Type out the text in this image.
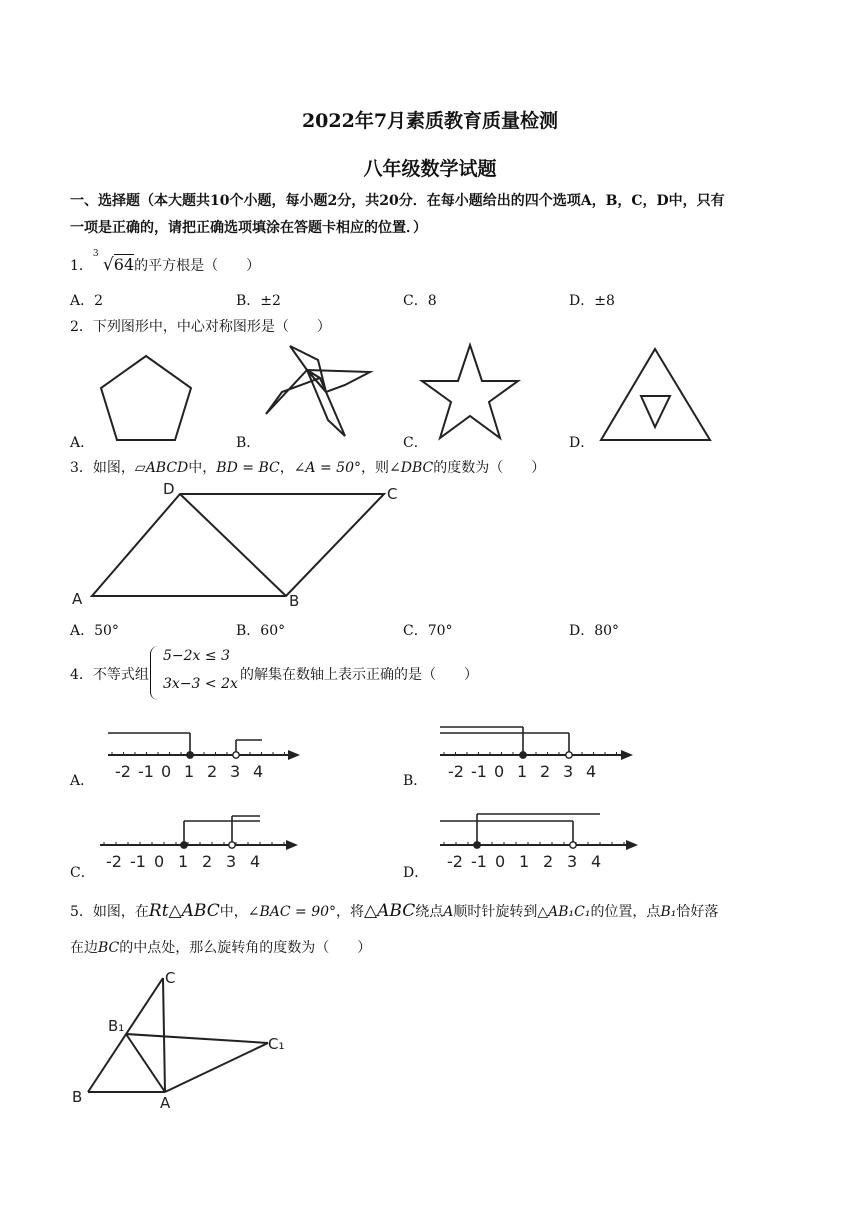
2022年7月素质教育质量检测
八年级数学试题
一、选择题（本大题共10个小题，每小题2分，共20分．在每小题给出的四个选项A，B，C，D中，只有
一项是正确的，请把正确选项填涂在答题卡相应的位置．）
1．
3
√64的平方根是（　　）
A．2	B．±2	C．8	D．±8
2．下列图形中，中心对称图形是（　　）
A．	B．	C．	D．
3．如图，▱ABCD中，BD = BC，∠A = 50°，则∠DBC的度数为（　　）
A	B
C
D
A．50°	B．60°	C．70°	D．80°
4．不等式组
5−2x ≤ 3
3x−3 < 2x
的解集在数轴上表示正确的是（　　）
A．	B．
C．	D．
-2 -1 0 1 2 3 4	-2 -1 0 1 2 3 4
-2 -1 0 1 2 3 4	-2 -1 0 1 2 3 4
5．如图，在Rt△ABC中，∠BAC = 90°，将△ABC绕点A顺时针旋转到△AB₁C₁的位置，点B₁恰好落
在边BC的中点处，那么旋转角的度数为（　　）
C
B₁
C₁
B	A
